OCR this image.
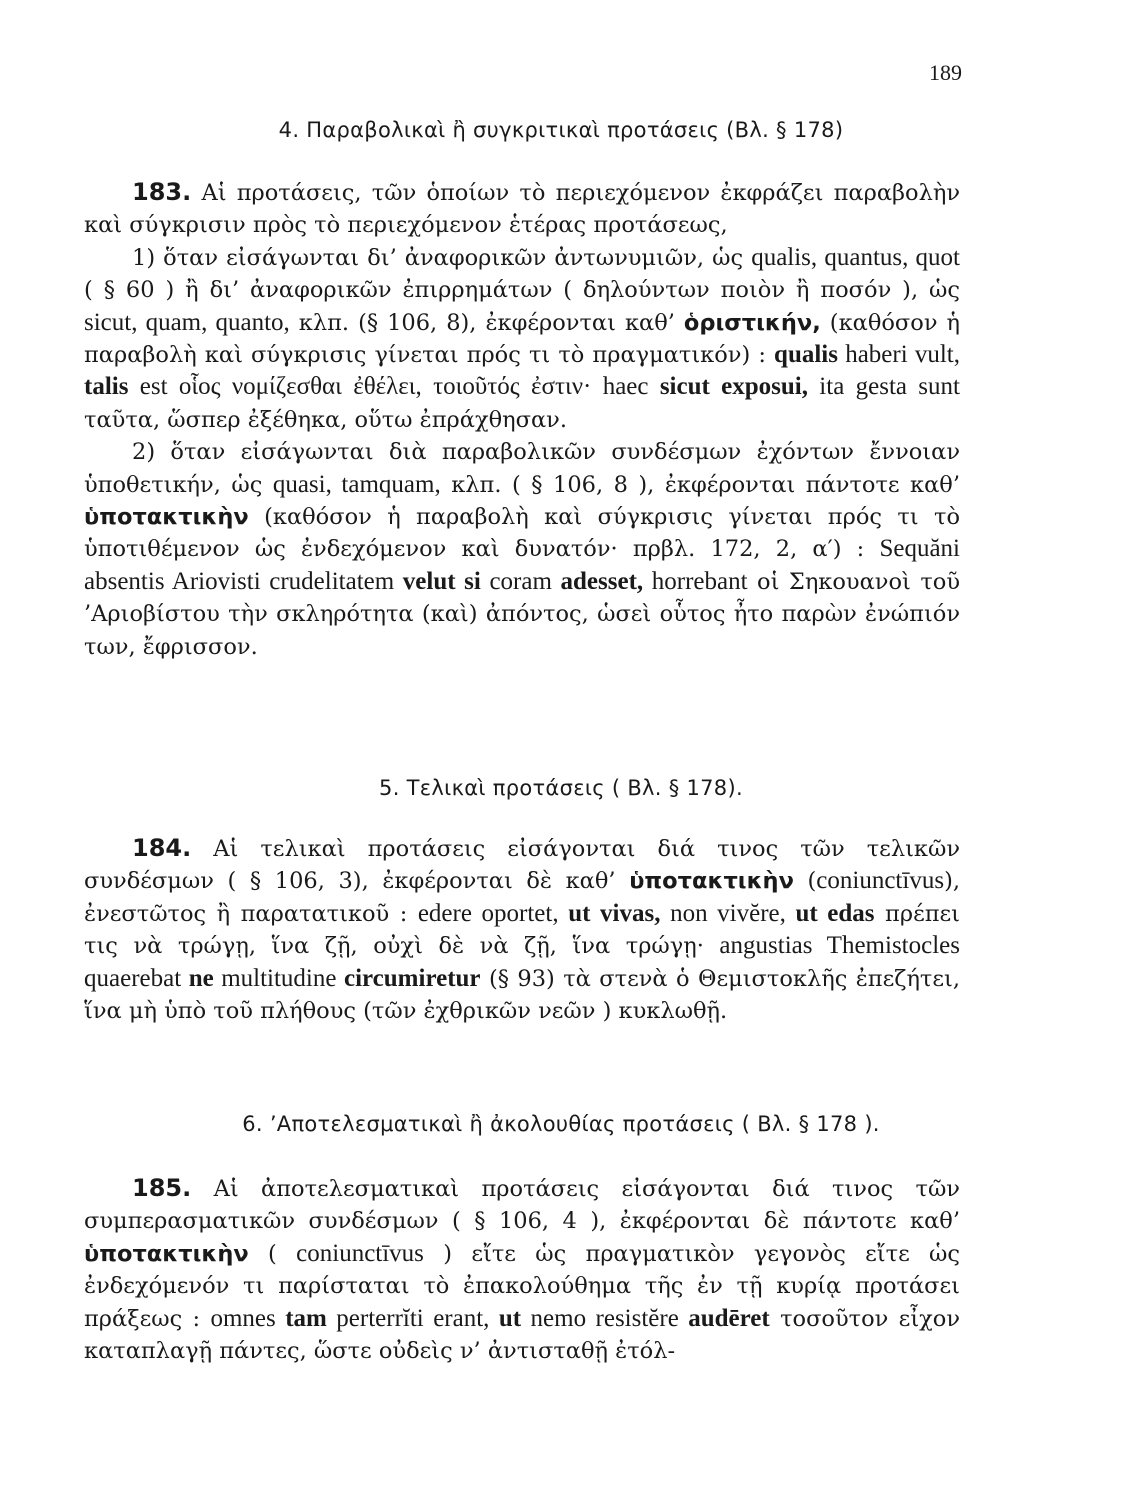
189
4. Παραβολικαὶ ἢ συγκριτικαὶ προτάσεις (Βλ. § 178)

183. Αἱ προτάσεις, τῶν ὁποίων τὸ περιεχόμενον ἐκφράζει παραβολὴν καὶ σύγκρισιν πρὸς τὸ περιεχόμενον ἑτέρας προτάσεως,
1) ὅταν εἰσάγωνται δι’ ἀναφορικῶν ἀντωνυμιῶν, ὡς qualis, quantus, quot ( § 60 ) ἢ δι’ ἀναφορικῶν ἐπιρρημάτων ( δηλούντων ποιὸν ἢ ποσόν ), ὡς sicut, quam, quanto, κλπ. (§ 106, 8), ἐκφέρονται καθ’ ὁριστικήν, (καθόσον ἡ παραβολὴ καὶ σύγκρισις γίνεται πρός τι τὸ πραγματικόν) : qualis haberi vult, talis est οἷος νομίζεσθαι ἐθέλει, τοιοῦτός ἐστιν· haec sicut exposui, ita gesta sunt ταῦτα, ὥσπερ ἐξέθηκα, οὕτω ἐπράχθησαν.
2) ὅταν εἰσάγωνται διὰ παραβολικῶν συνδέσμων ἐχόντων ἔννοιαν ὑποθετικήν, ὡς quasi, tamquam, κλπ. ( § 106, 8 ), ἐκφέρονται πάντοτε καθ’ ὑποτακτικὴν (καθόσον ἡ παραβολὴ καὶ σύγκρισις γίνεται πρός τι τὸ ὑποτιθέμενον ὡς ἐνδεχόμενον καὶ δυνατόν· πρβλ. 172, 2, α′) : Sequăni absentis Ariovisti crudelitatem velut si coram adesset, horrebant οἱ Σηκουανοὶ τοῦ ’Αριοβίστου τὴν σκληρότητα (καὶ) ἀπόντος, ὡσεὶ οὗτος ἦτο παρὼν ἐνώπιόν των, ἔφρισσον.

5. Τελικαὶ προτάσεις ( Βλ. § 178).

184. Αἱ τελικαὶ προτάσεις εἰσάγονται διά τινος τῶν τελικῶν συνδέσμων ( § 106, 3), ἐκφέρονται δὲ καθ’ ὑποτακτικὴν (coniunctīvus), ἐνεστῶτος ἢ παρατατικοῦ : edere oportet, ut vivas, non vivĕre, ut edas πρέπει τις νὰ τρώγῃ, ἵνα ζῇ, οὐχὶ δὲ νὰ ζῇ, ἵνα τρώγῃ· angustias Themistocles quaerebat ne multitudine circumiretur (§ 93) τὰ στενὰ ὁ Θεμιστοκλῆς ἐπεζήτει, ἵνα μὴ ὑπὸ τοῦ πλήθους (τῶν ἐχθρικῶν νεῶν ) κυκλωθῇ.

6. ’Αποτελεσματικαὶ ἢ ἀκολουθίας προτάσεις ( Βλ. § 178 ).

185. Αἱ ἀποτελεσματικαὶ προτάσεις εἰσάγονται διά τινος τῶν συμπερασματικῶν συνδέσμων ( § 106, 4 ), ἐκφέρονται δὲ πάντοτε καθ’ ὑποτακτικὴν ( coniunctīvus ) εἴτε ὡς πραγματικὸν γεγονὸς εἴτε ὡς ἐνδεχόμενόν τι παρίσταται τὸ ἐπακολούθημα τῆς ἐν τῇ κυρίᾳ προτάσει πράξεως : omnes tam perterrĭti erant, ut nemo resistĕre audēret τοσοῦτον εἶχον καταπλαγῇ πάντες, ὥστε οὐδεὶς ν’ ἀντισταθῇ ἐτόλ-
